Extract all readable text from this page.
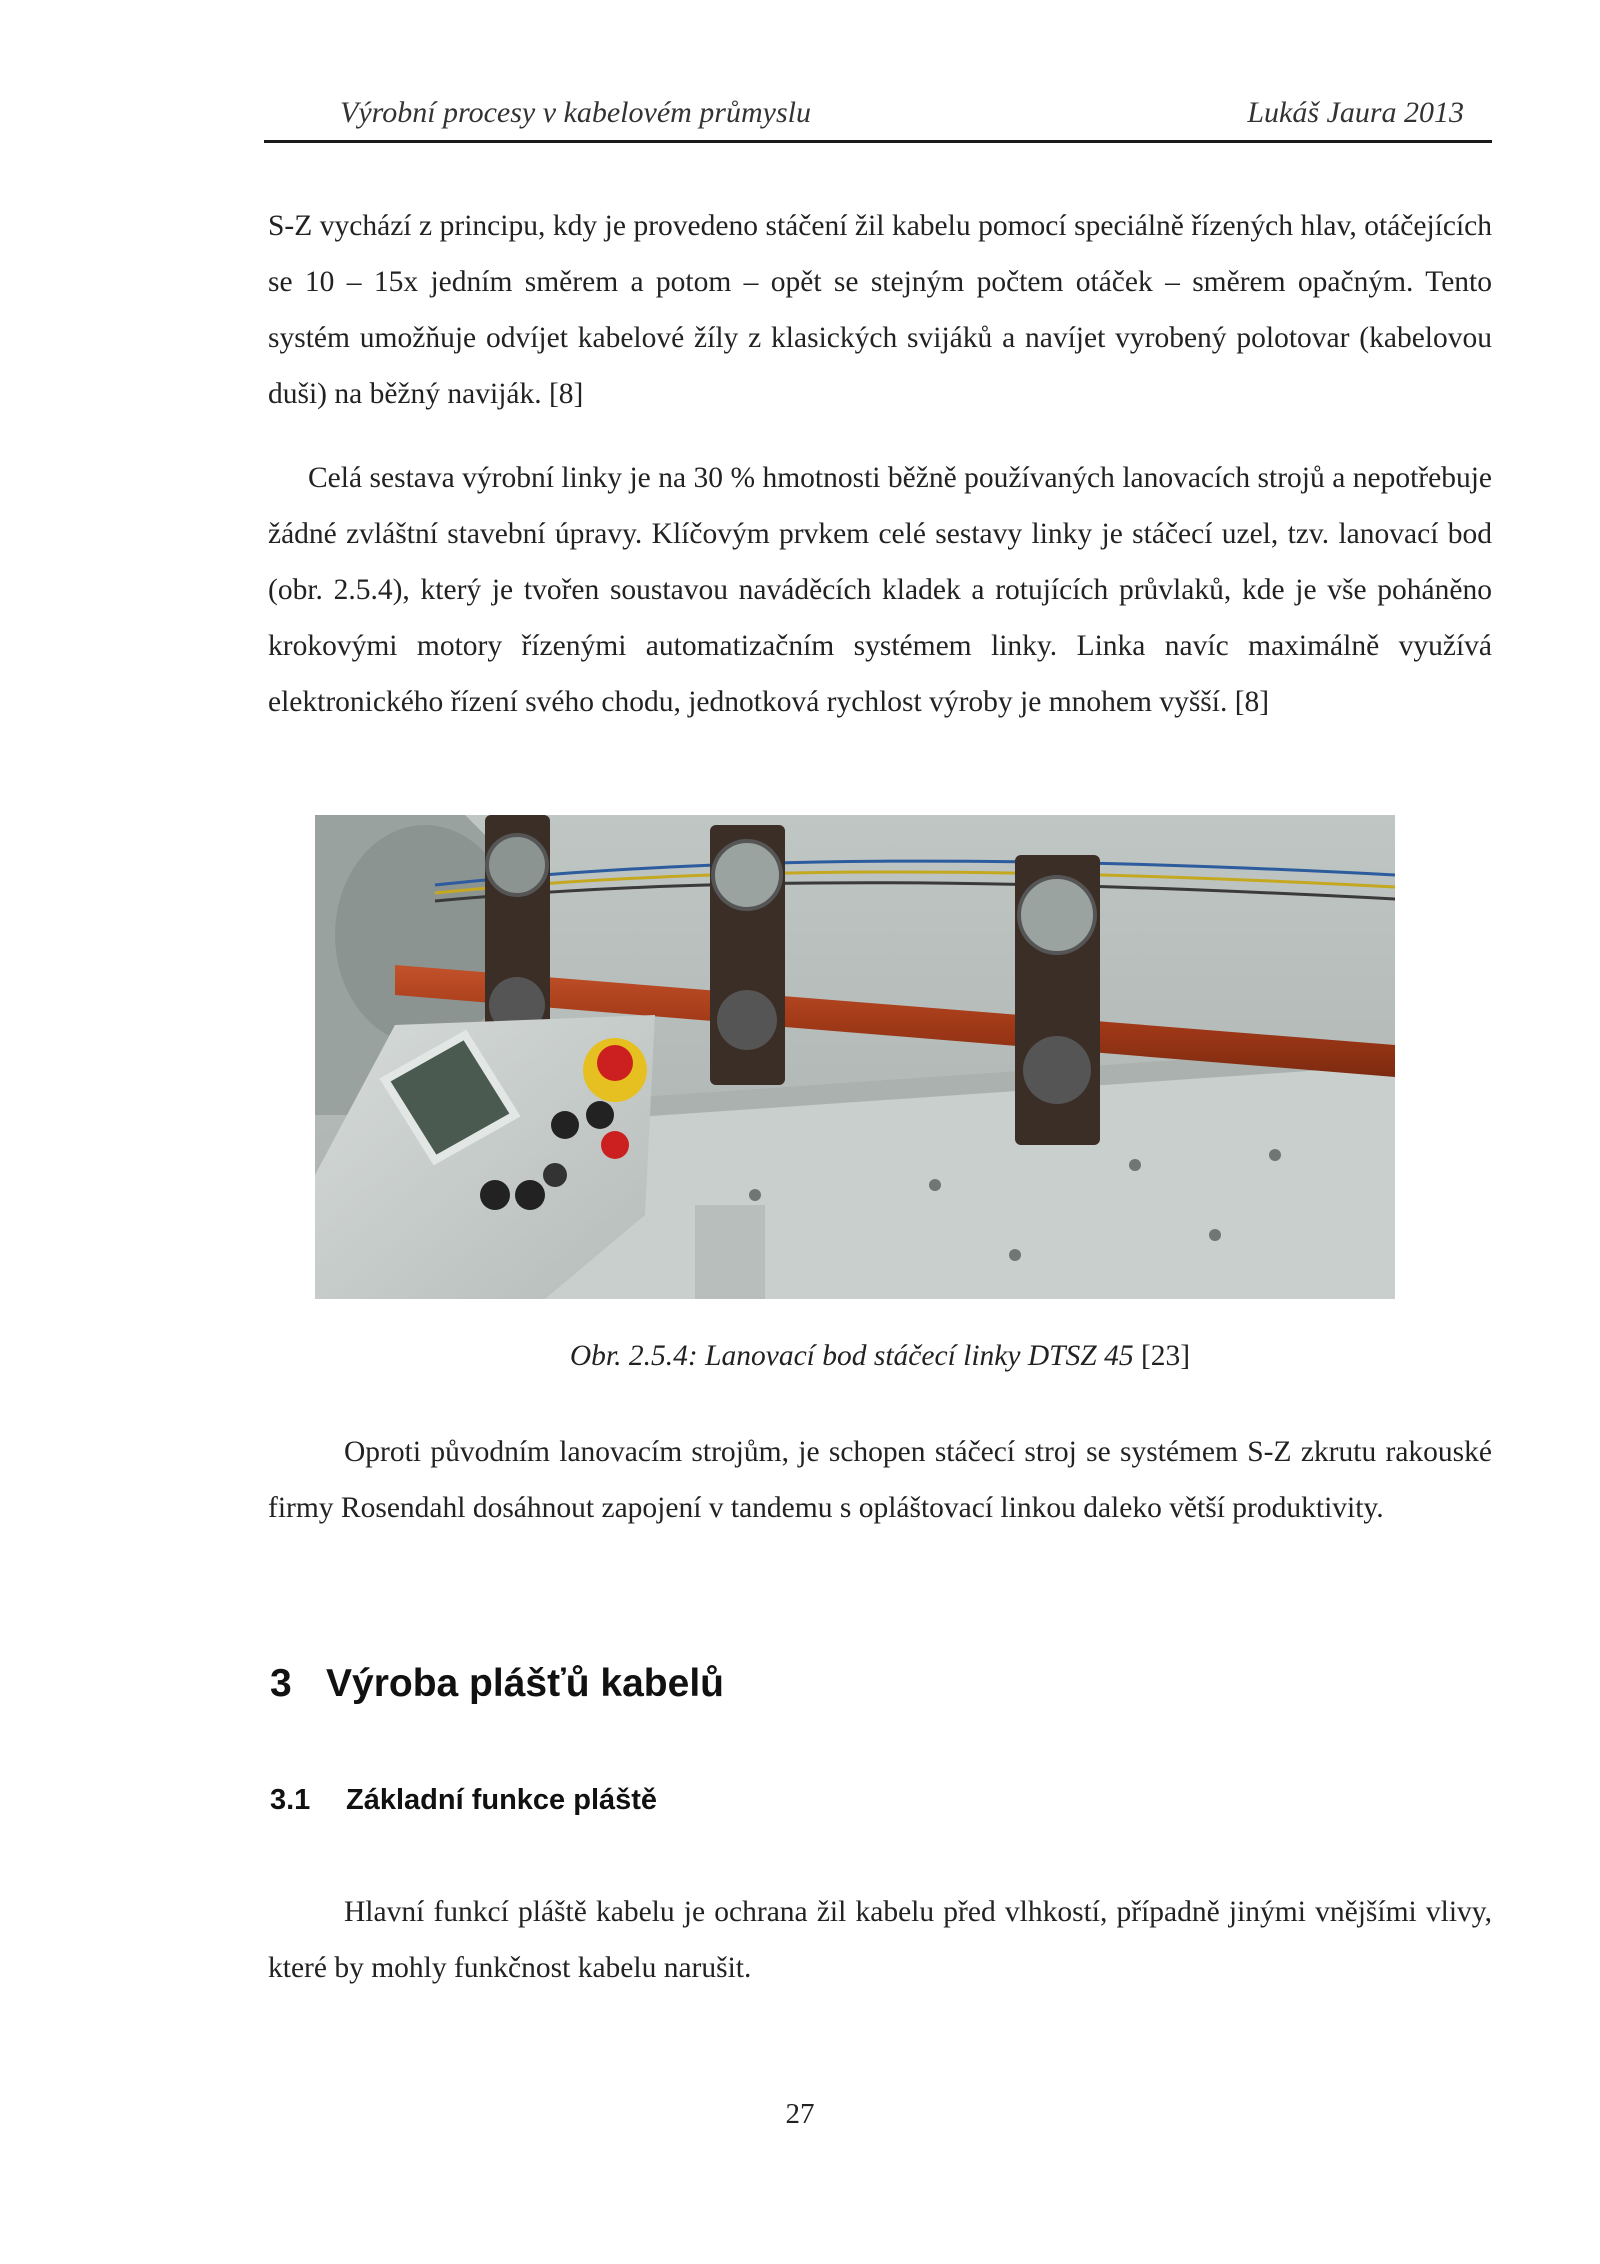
Výrobní procesy v kabelovém průmyslu	Lukáš Jaura 2013

S-Z vychází z principu, kdy je provedeno stáčení žil kabelu pomocí speciálně řízených hlav, otáčejících se 10 – 15x jedním směrem a potom – opět se stejným počtem otáček – směrem opačným. Tento systém umožňuje odvíjet kabelové žíly z klasických svijáků a navíjet vyrobený polotovar (kabelovou duši) na běžný naviják. [8]

Celá sestava výrobní linky je na 30 % hmotnosti běžně používaných lanovacích strojů a nepotřebuje žádné zvláštní stavební úpravy. Klíčovým prvkem celé sestavy linky je stáčecí uzel, tzv. lanovací bod (obr. 2.5.4), který je tvořen soustavou naváděcích kladek a rotujících průvlaků, kde je vše poháněno krokovými motory řízenými automatizačním systémem linky. Linka navíc maximálně využívá elektronického řízení svého chodu, jednotková rychlost výroby je mnohem vyšší. [8]

Obr. 2.5.4: Lanovací bod stáčecí linky DTSZ 45 [23]

Oproti původním lanovacím strojům, je schopen stáčecí stroj se systémem S-Z zkrutu rakouské firmy Rosendahl dosáhnout zapojení v tandemu s opláštovací linkou daleko větší produktivity.

3 Výroba plášťů kabelů
3.1 Základní funkce pláště

Hlavní funkcí pláště kabelu je ochrana žil kabelu před vlhkostí, případně jinými vnějšími vlivy, které by mohly funkčnost kabelu narušit.

27
